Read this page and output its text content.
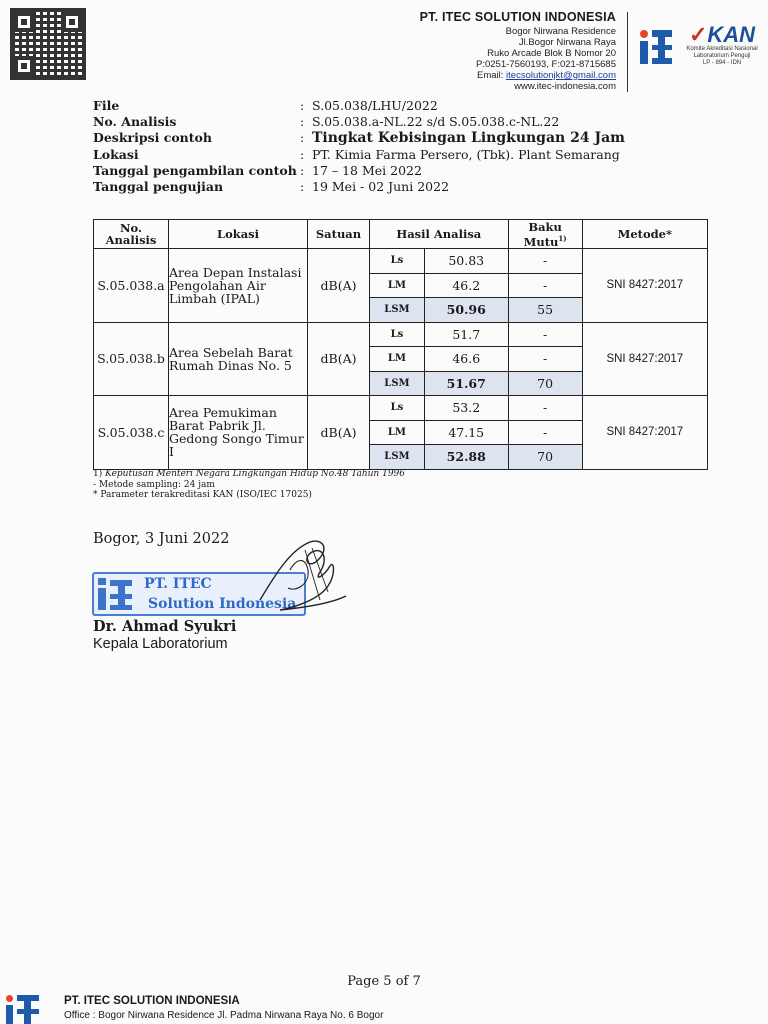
PT. ITEC SOLUTION INDONESIA
Bogor Nirwana Residence
Jl.Bogor Nirwana Raya
Ruko Arcade Blok B Nomor 20
P:0251-7560193, F:021-8715685
Email: itecsolutionjkt@gmail.com
www.itec-indonesia.com
✓KAN
Komite Akreditasi Nasional
Laboratorium Penguji
LP - 894 - IDN
File	: S.05.038/LHU/2022
No. Analisis	: S.05.038.a-NL.22 s/d S.05.038.c-NL.22
Deskripsi contoh	: Tingkat Kebisingan Lingkungan 24 Jam
Lokasi	: PT. Kimia Farma Persero, (Tbk). Plant Semarang
Tanggal pengambilan contoh : 17 – 18 Mei 2022
Tanggal pengujian	: 19 Mei - 02 Juni 2022
No. Analisis	Lokasi	Satuan	Hasil Analisa		Baku Mutu$^{1)}$	Metode*
S.05.038.a	Area Depan Instalasi Pengolahan Air Limbah (IPAL)	dB(A)	Ls	50.83	-	SNI 8427:2017
			LM	46.2	-	
			LSM	50.96	55	
S.05.038.b	Area Sebelah Barat Rumah Dinas No. 5	dB(A)	Ls	51.7	-	SNI 8427:2017
			LM	46.6	-	
			LSM	51.67	70	
S.05.038.c	Area Pemukiman Barat Pabrik Jl. Gedong Songo Timur I	dB(A)	Ls	53.2	-	SNI 8427:2017
			LM	47.15	-	
			LSM	52.88	70	
1) Keputusan Menteri Negara Lingkungan Hidup No.48 Tahun 1996
- Metode sampling: 24 jam
* Parameter terakreditasi KAN (ISO/IEC 17025)
Bogor, 3 Juni 2022
PT. ITEC
Solution Indonesia
Dr. Ahmad Syukri
Kepala Laboratorium
Page 5 of 7
PT. ITEC SOLUTION INDONESIA
Office : Bogor Nirwana Residence Jl. Padma Nirwana Raya No. 6 Bogor
